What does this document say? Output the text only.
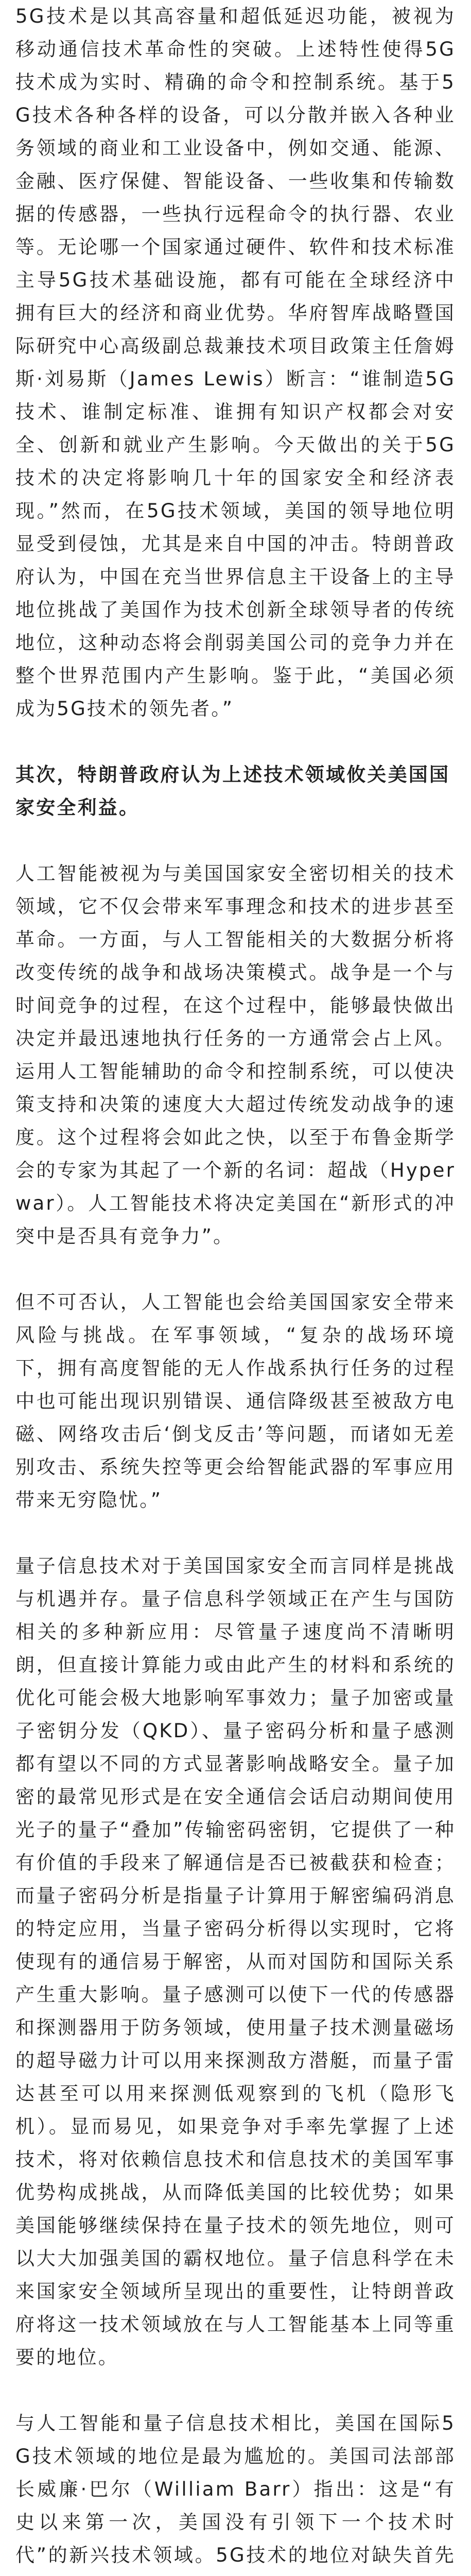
5G技术是以其高容量和超低延迟功能，被视为移动通信技术革命性的突破。上述特性使得5G技术成为实时、精确的命令和控制系统。基于5G技术各种各样的设备，可以分散并嵌入各种业务领域的商业和工业设备中，例如交通、能源、金融、医疗保健、智能设备、一些收集和传输数据的传感器，一些执行远程命令的执行器、农业等。无论哪一个国家通过硬件、软件和技术标准主导5G技术基础设施，都有可能在全球经济中拥有巨大的经济和商业优势。华府智库战略暨国际研究中心高级副总裁兼技术项目政策主任詹姆斯·刘易斯（James Lewis）断言：“谁制造5G技术、谁制定标准、谁拥有知识产权都会对安全、创新和就业产生影响。今天做出的关于5G技术的决定将影响几十年的国家安全和经济表现。”然而，在5G技术领域，美国的领导地位明显受到侵蚀，尤其是来自中国的冲击。特朗普政府认为，中国在充当世界信息主干设备上的主导地位挑战了美国作为技术创新全球领导者的传统地位，这种动态将会削弱美国公司的竞争力并在整个世界范围内产生影响。鉴于此，“美国必须成为5G技术的领先者。”

其次，特朗普政府认为上述技术领域攸关美国国家安全利益。

人工智能被视为与美国国家安全密切相关的技术领域，它不仅会带来军事理念和技术的进步甚至革命。一方面，与人工智能相关的大数据分析将改变传统的战争和战场决策模式。战争是一个与时间竞争的过程，在这个过程中，能够最快做出决定并最迅速地执行任务的一方通常会占上风。运用人工智能辅助的命令和控制系统，可以使决策支持和决策的速度大大超过传统发动战争的速度。这个过程将会如此之快，以至于布鲁金斯学会的专家为其起了一个新的名词：超战（Hyperwar）。人工智能技术将决定美国在“新形式的冲突中是否具有竞争力”。

但不可否认，人工智能也会给美国国家安全带来风险与挑战。在军事领域，“复杂的战场环境下，拥有高度智能的无人作战系执行任务的过程中也可能出现识别错误、通信降级甚至被敌方电磁、网络攻击后‘倒戈反击’等问题，而诸如无差别攻击、系统失控等更会给智能武器的军事应用带来无穷隐忧。”

量子信息技术对于美国国家安全而言同样是挑战与机遇并存。量子信息科学领域正在产生与国防相关的多种新应用：尽管量子速度尚不清晰明朗，但直接计算能力或由此产生的材料和系统的优化可能会极大地影响军事效力；量子加密或量子密钥分发（QKD）、量子密码分析和量子感测都有望以不同的方式显著影响战略安全。量子加密的最常见形式是在安全通信会话启动期间使用光子的量子“叠加”传输密码密钥，它提供了一种有价值的手段来了解通信是否已被截获和检查；而量子密码分析是指量子计算用于解密编码消息的特定应用，当量子密码分析得以实现时，它将使现有的通信易于解密，从而对国防和国际关系产生重大影响。量子感测可以使下一代的传感器和探测器用于防务领域，使用量子技术测量磁场的超导磁力计可以用来探测敌方潜艇，而量子雷达甚至可以用来探测低观察到的飞机（隐形飞机）。显而易见，如果竞争对手率先掌握了上述技术，将对依赖信息技术和信息技术的美国军事优势构成挑战，从而降低美国的比较优势；如果美国能够继续保持在量子技术的领先地位，则可以大大加强美国的霸权地位。量子信息科学在未来国家安全领域所呈现出的重要性，让特朗普政府将这一技术领域放在与人工智能基本上同等重要的地位。

与人工智能和量子信息技术相比，美国在国际5G技术领域的地位是最为尴尬的。美国司法部部长威廉·巴尔（William Barr）指出：这是“有史以来第一次，美国没有引领下一个技术时代”的新兴技术领域。5G技术的地位对缺失首先
